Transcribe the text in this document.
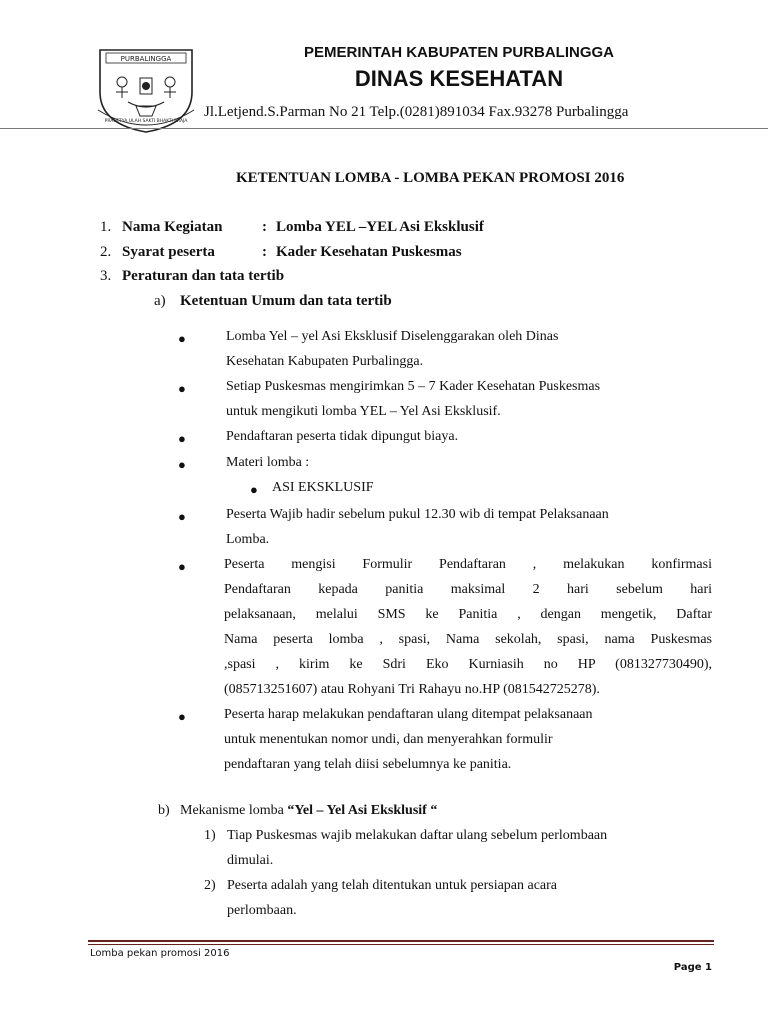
PURBALINGGA
PRASETYA ULAH SAKTI BHAKTI PRAJA
PEMERINTAH KABUPATEN PURBALINGGA
DINAS KESEHATAN
Jl.Letjend.S.Parman No 21 Telp.(0281)891034 Fax.93278 Purbalingga
KETENTUAN LOMBA - LOMBA PEKAN PROMOSI 2016
1. Nama Kegiatan	: Lomba YEL –YEL Asi Eksklusif
2. Syarat peserta	: Kader Kesehatan Puskesmas
3. Peraturan dan tata tertib
a) Ketentuan Umum dan tata tertib
●	Lomba Yel – yel Asi Eksklusif Diselenggarakan oleh Dinas
Kesehatan Kabupaten Purbalingga.
●	Setiap Puskesmas mengirimkan 5 – 7 Kader Kesehatan Puskesmas
untuk mengikuti lomba YEL – Yel Asi Eksklusif.
●	Pendaftaran peserta tidak dipungut biaya.
●	Materi lomba :
● ASI EKSKLUSIF
●	Peserta Wajib hadir sebelum pukul 12.30 wib di tempat Pelaksanaan
Lomba.
●	Peserta mengisi Formulir Pendaftaran , melakukan konfirmasi
Pendaftaran kepada panitia maksimal 2 hari sebelum hari
pelaksanaan, melalui SMS ke Panitia , dengan mengetik, Daftar
Nama peserta lomba , spasi, Nama sekolah, spasi, nama Puskesmas
,spasi , kirim ke Sdri Eko Kurniasih no HP (081327730490),
(085713251607) atau Rohyani Tri Rahayu no.HP (081542725278).
●	Peserta harap melakukan pendaftaran ulang ditempat pelaksanaan
untuk menentukan nomor undi, dan menyerahkan formulir
pendaftaran yang telah diisi sebelumnya ke panitia.
b) Mekanisme lomba “Yel – Yel Asi Eksklusif “
1) Tiap Puskesmas wajib melakukan daftar ulang sebelum perlombaan
dimulai.
2) Peserta adalah yang telah ditentukan untuk persiapan acara
perlombaan.
Lomba pekan promosi 2016
Page 1
